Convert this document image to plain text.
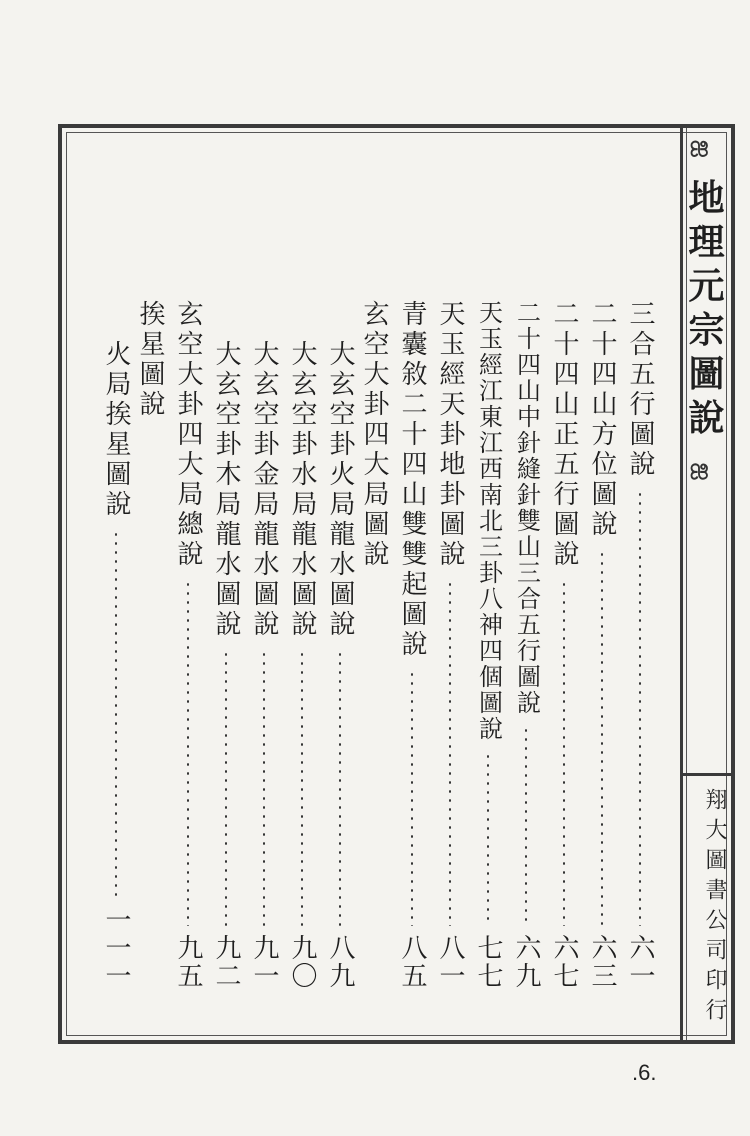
ஐ 地理元宗圖說 ஐ
翔大圖書公司印行
.6.
三合五行圖說
六一
二十四山方位圖說
六三
二十四山正五行圖說
六七
二十四山中針縫針雙山三合五行圖說
六九
天玉經江東江西南北三卦八神四個圖說
七七
天玉經天卦地卦圖說
八一
青囊敘二十四山雙雙起圖說
八五
玄空大卦四大局圖說
大玄空卦火局龍水圖說
八九
大玄空卦水局龍水圖說
九〇
大玄空卦金局龍水圖說
九一
大玄空卦木局龍水圖說
九二
玄空大卦四大局總說
九五
挨星圖說
火局挨星圖說
一一一
